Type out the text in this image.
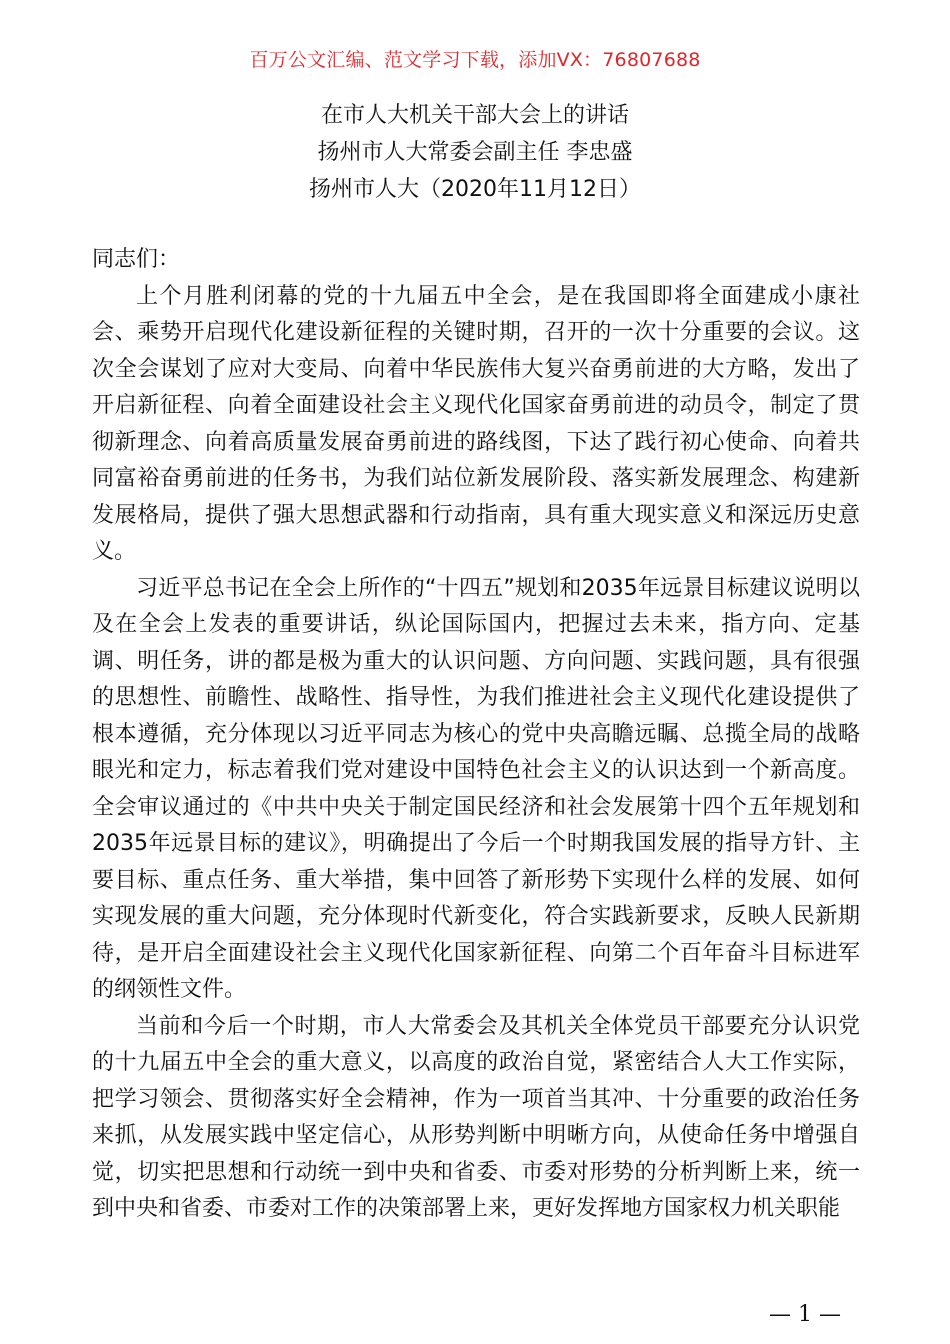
百万公文汇编、范文学习下载，添加VX：76807688
在市人大机关干部大会上的讲话
扬州市人大常委会副主任 李忠盛
扬州市人大（2020年11月12日）

同志们：

上个月胜利闭幕的党的十九届五中全会，是在我国即将全面建成小康社会、乘势开启现代化建设新征程的关键时期，召开的一次十分重要的会议。这次全会谋划了应对大变局、向着中华民族伟大复兴奋勇前进的大方略，发出了开启新征程、向着全面建设社会主义现代化国家奋勇前进的动员令，制定了贯彻新理念、向着高质量发展奋勇前进的路线图，下达了践行初心使命、向着共同富裕奋勇前进的任务书，为我们站位新发展阶段、落实新发展理念、构建新发展格局，提供了强大思想武器和行动指南，具有重大现实意义和深远历史意义。

习近平总书记在全会上所作的“十四五”规划和2035年远景目标建议说明以及在全会上发表的重要讲话，纵论国际国内，把握过去未来，指方向、定基调、明任务，讲的都是极为重大的认识问题、方向问题、实践问题，具有很强的思想性、前瞻性、战略性、指导性，为我们推进社会主义现代化建设提供了根本遵循，充分体现以习近平同志为核心的党中央高瞻远瞩、总揽全局的战略眼光和定力，标志着我们党对建设中国特色社会主义的认识达到一个新高度。全会审议通过的《中共中央关于制定国民经济和社会发展第十四个五年规划和2035年远景目标的建议》，明确提出了今后一个时期我国发展的指导方针、主要目标、重点任务、重大举措，集中回答了新形势下实现什么样的发展、如何实现发展的重大问题，充分体现时代新变化，符合实践新要求，反映人民新期待，是开启全面建设社会主义现代化国家新征程、向第二个百年奋斗目标进军的纲领性文件。

当前和今后一个时期，市人大常委会及其机关全体党员干部要充分认识党的十九届五中全会的重大意义，以高度的政治自觉，紧密结合人大工作实际，把学习领会、贯彻落实好全会精神，作为一项首当其冲、十分重要的政治任务来抓，从发展实践中坚定信心，从形势判断中明晰方向，从使命任务中增强自觉，切实把思想和行动统一到中央和省委、市委对形势的分析判断上来，统一到中央和省委、市委对工作的决策部署上来，更好发挥地方国家权力机关职能

— 1 —
